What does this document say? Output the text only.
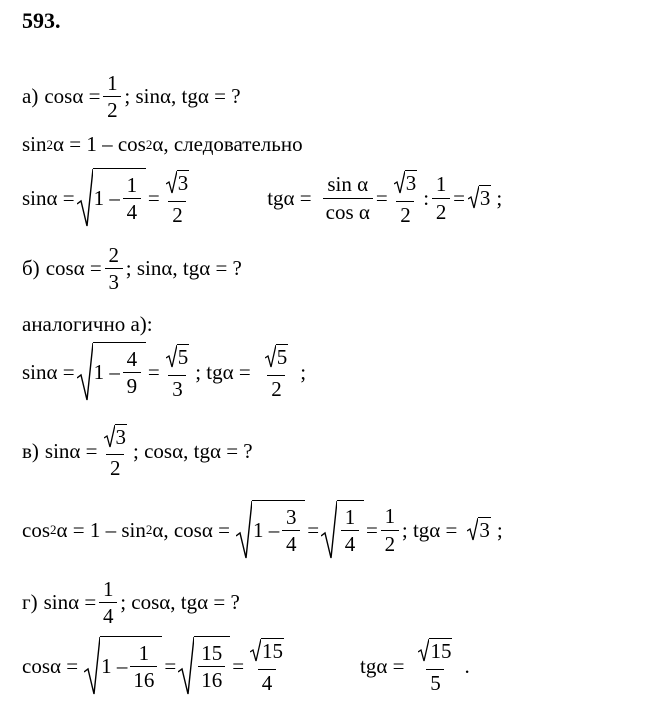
593.
а) $\cos\alpha = \frac{1}{2}$ ; sinα, tgα = ?
sin 2 α = 1 – cos 2 α, следовательно
$\sin\alpha = 1 - \frac{1}{4} = \frac{3}{2}$	$tg\alpha = \frac{\text{sin α}}{\text{cos α}} = \frac{3}{2}$ : $\frac{1}{2} = 3$ ;
б) $\cos\alpha = \frac{2}{3}$ ; sinα, tgα = ?
аналогично а):
$\sin\alpha = 1 - \frac{4}{9} = \frac{5}{3}$ ; $tg\alpha = \frac{5}{2}$ ;
в) $\sin\alpha = \frac{3}{2}$ ; cosα, tgα = ?
cos 2 α = 1 – sin 2 α, $\cos\alpha = 1 - \frac{3}{4} = \frac{1}{4} = \frac{1}{2}$ ; tgα = 3 ;
г) $\sin\alpha = \frac{1}{4}$ ; cosα, tgα = ?
$\cos\alpha = 1 - \frac{1}{16} = \frac{15}{16} = \frac{15}{4}$	$tg\alpha = \frac{15}{5}$ .
